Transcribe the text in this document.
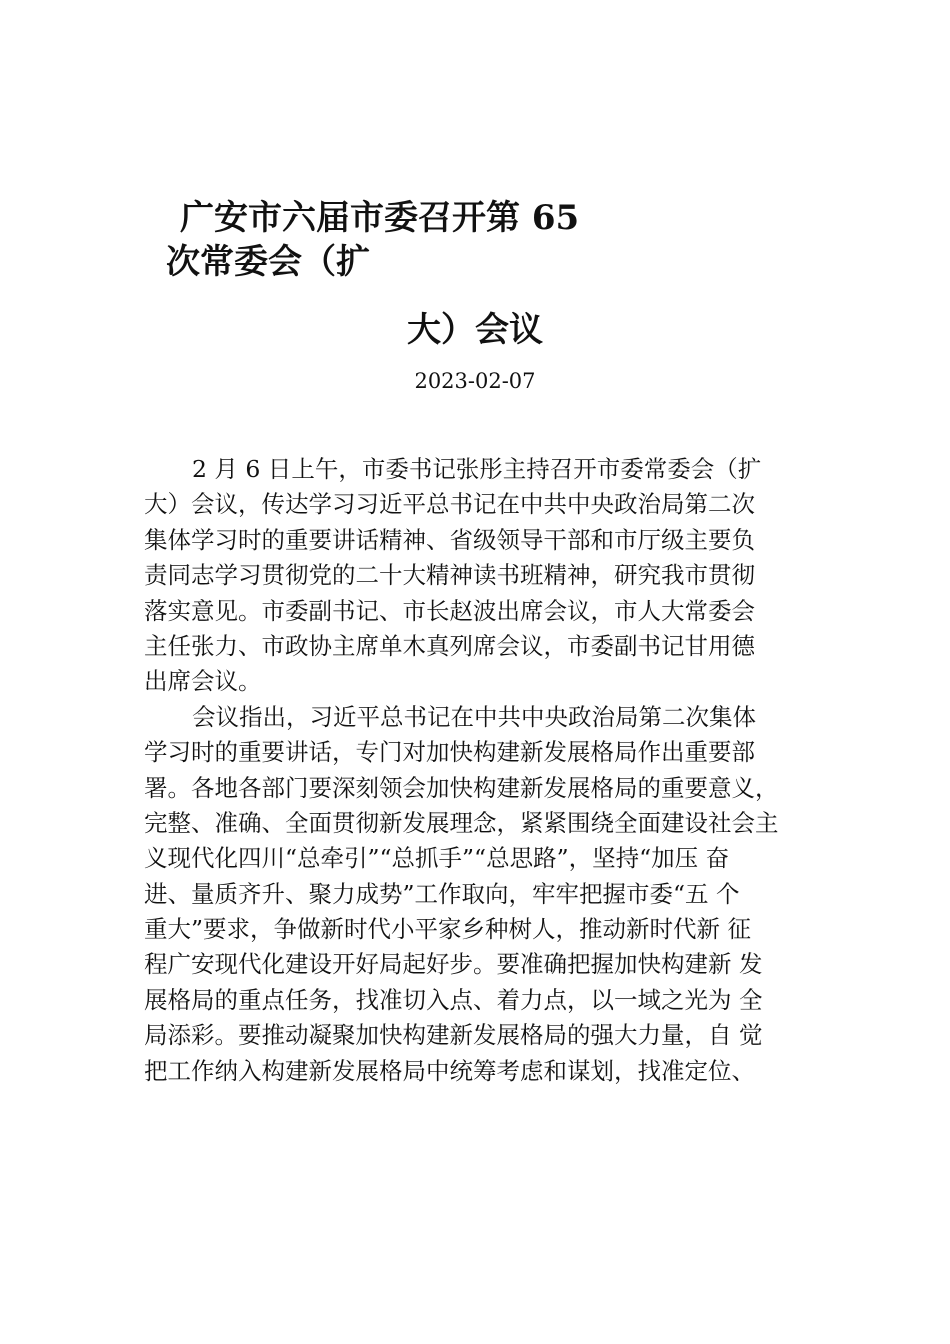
广安市六届市委召开第 65
次常委会（扩
大）会议
2023-02-07
2 月 6 日上午，市委书记张彤主持召开市委常委会（扩
大）会议，传达学习习近平总书记在中共中央政治局第二次
集体学习时的重要讲话精神、省级领导干部和市厅级主要负
责同志学习贯彻党的二十大精神读书班精神，研究我市贯彻
落实意见。市委副书记、市长赵波出席会议，市人大常委会
主任张力、市政协主席单木真列席会议，市委副书记甘用德
出席会议。
会议指出，习近平总书记在中共中央政治局第二次集体
学习时的重要讲话，专门对加快构建新发展格局作出重要部
署。各地各部门要深刻领会加快构建新发展格局的重要意义，
完整、准确、全面贯彻新发展理念，紧紧围绕全面建设社会主
义现代化四川“总牵引”“总抓手”“总思路”，坚持“加压 奋
进、量质齐升、聚力成势”工作取向，牢牢把握市委“五 个
重大”要求，争做新时代小平家乡种树人，推动新时代新 征
程广安现代化建设开好局起好步。要准确把握加快构建新 发
展格局的重点任务，找准切入点、着力点，以一域之光为 全
局添彩。要推动凝聚加快构建新发展格局的强大力量，自 觉
把工作纳入构建新发展格局中统筹考虑和谋划，找准定位、
